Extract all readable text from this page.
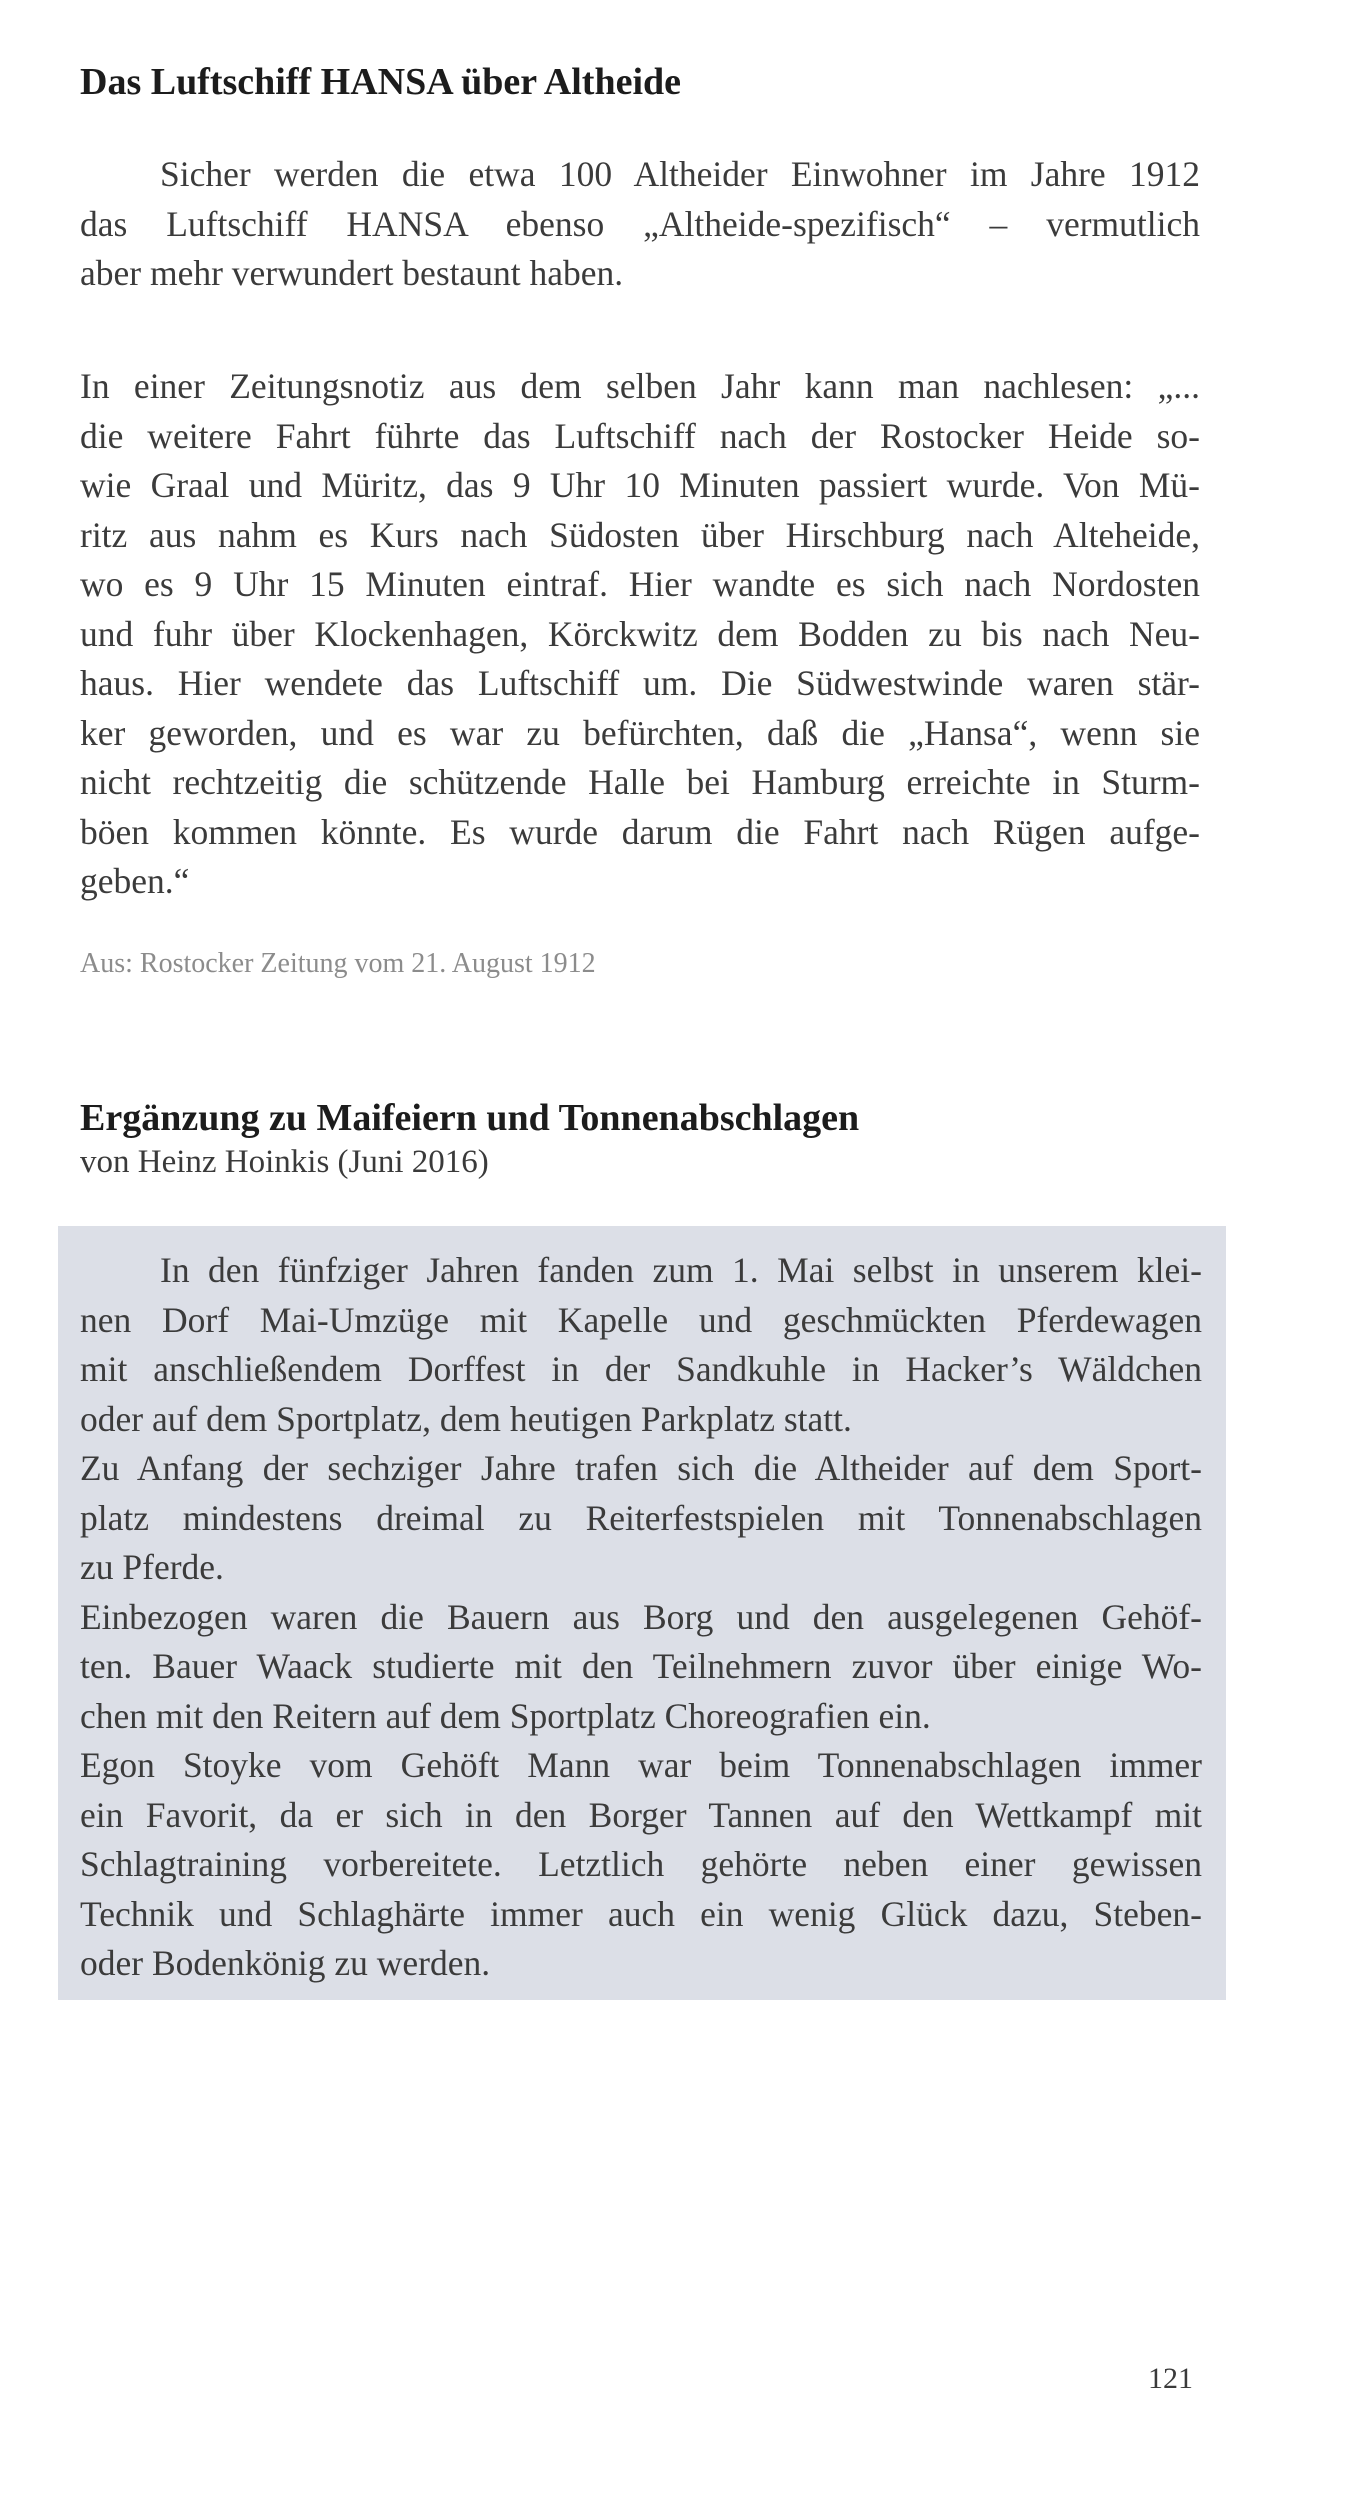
Das Luftschiff HANSA über Altheide
Sicher werden die etwa 100 Altheider Einwohner im Jahre 1912
das Luftschiff HANSA ebenso „Altheide-spezifisch“ – vermutlich
aber mehr verwundert bestaunt haben.
In einer Zeitungsnotiz aus dem selben Jahr kann man nachlesen: „...
die weitere Fahrt führte das Luftschiff nach der Rostocker Heide so-
wie Graal und Müritz, das 9 Uhr 10 Minuten passiert wurde. Von Mü-
ritz aus nahm es Kurs nach Südosten über Hirschburg nach Alteheide,
wo es 9 Uhr 15 Minuten eintraf. Hier wandte es sich nach Nordosten
und fuhr über Klockenhagen, Körckwitz dem Bodden zu bis nach Neu-
haus. Hier wendete das Luftschiff um. Die Südwestwinde waren stär-
ker geworden, und es war zu befürchten, daß die „Hansa“, wenn sie
nicht rechtzeitig die schützende Halle bei Hamburg erreichte in Sturm-
böen kommen könnte. Es wurde darum die Fahrt nach Rügen aufge-
geben.“

Aus: Rostocker Zeitung vom 21. August 1912

Ergänzung zu Maifeiern und Tonnenabschlagen

von Heinz Hoinkis (Juni 2016)

In den fünfziger Jahren fanden zum 1. Mai selbst in unserem klei-
nen Dorf Mai-Umzüge mit Kapelle und geschmückten Pferdewagen
mit anschließendem Dorffest in der Sandkuhle in Hacker’s Wäldchen
oder auf dem Sportplatz, dem heutigen Parkplatz statt.
Zu Anfang der sechziger Jahre trafen sich die Altheider auf dem Sport-
platz mindestens dreimal zu Reiterfestspielen mit Tonnenabschlagen
zu Pferde.
Einbezogen waren die Bauern aus Borg und den ausgelegenen Gehöf-
ten. Bauer Waack studierte mit den Teilnehmern zuvor über einige Wo-
chen mit den Reitern auf dem Sportplatz Choreografien ein.
Egon Stoyke vom Gehöft Mann war beim Tonnenabschlagen immer
ein Favorit, da er sich in den Borger Tannen auf den Wettkampf mit
Schlagtraining vorbereitete. Letztlich gehörte neben einer gewissen
Technik und Schlaghärte immer auch ein wenig Glück dazu, Steben-
oder Bodenkönig zu werden.

121
